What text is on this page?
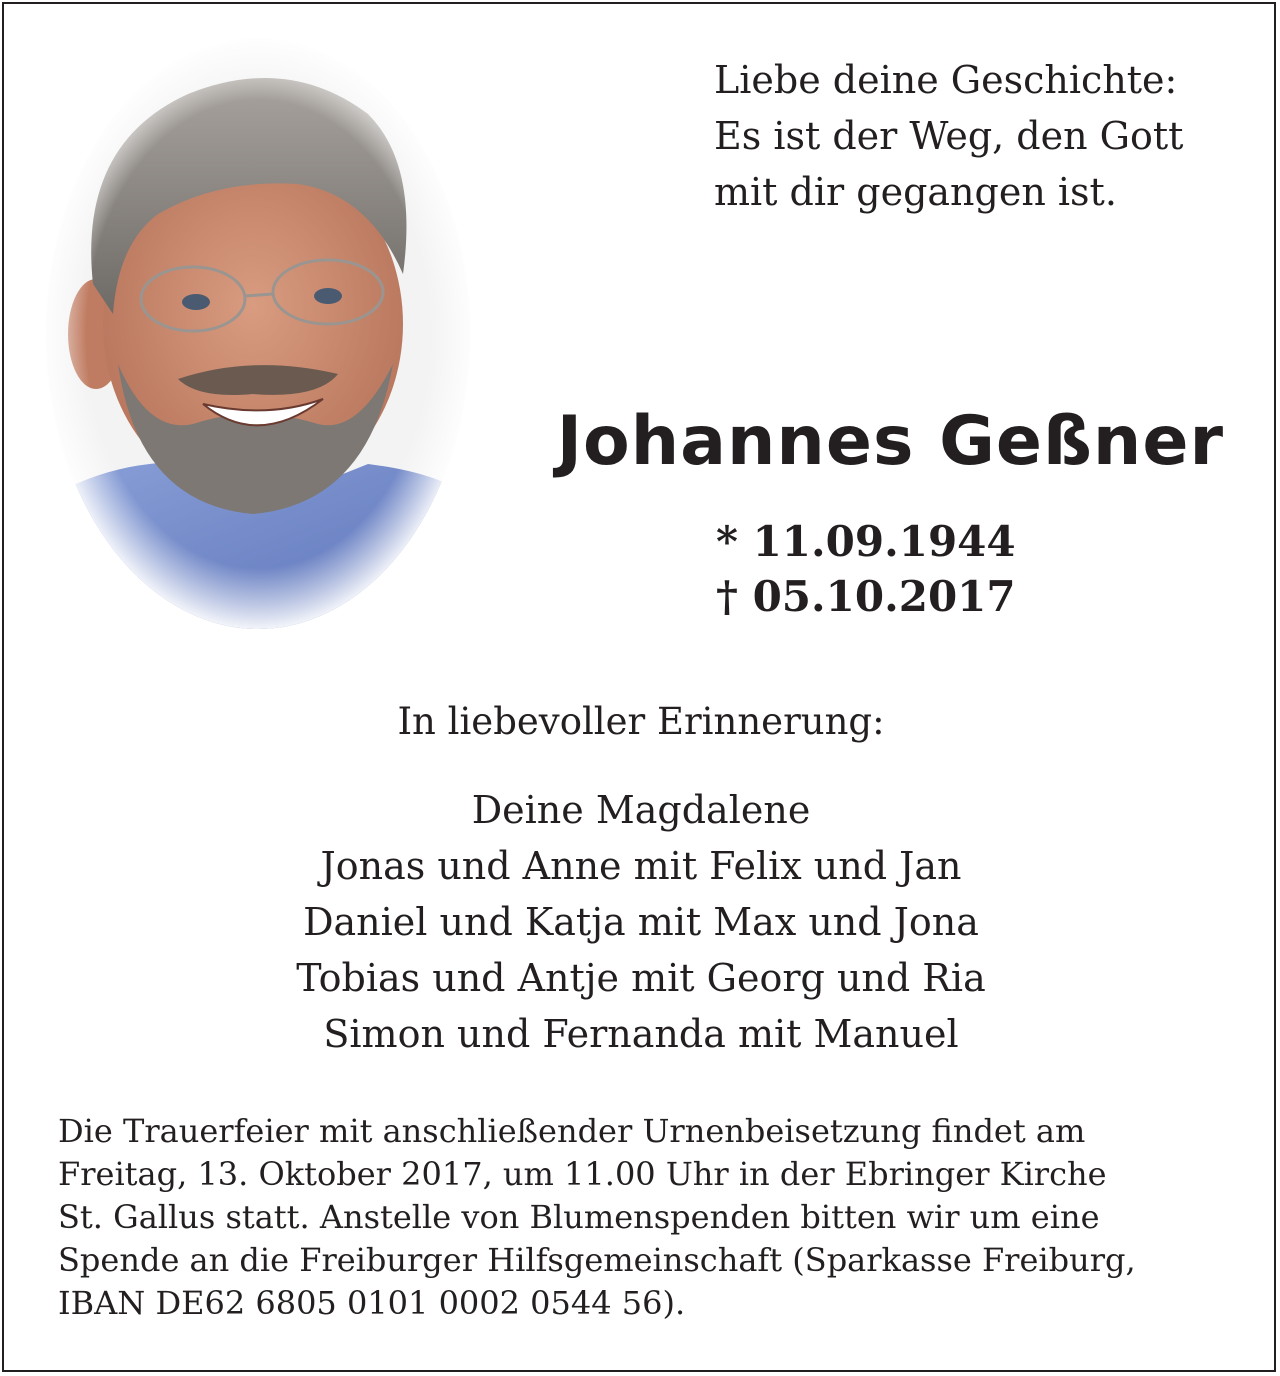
Liebe deine Geschichte:
Es ist der Weg, den Gott
mit dir gegangen ist.
Johannes Geßner
* 11.09.1944
† 05.10.2017
In liebevoller Erinnerung:
Deine Magdalene
Jonas und Anne mit Felix und Jan
Daniel und Katja mit Max und Jona
Tobias und Antje mit Georg und Ria
Simon und Fernanda mit Manuel
Die Trauerfeier mit anschließender Urnenbeisetzung findet am
Freitag, 13. Oktober 2017, um 11.00 Uhr in der Ebringer Kirche
St. Gallus statt. Anstelle von Blumenspenden bitten wir um eine
Spende an die Freiburger Hilfsgemeinschaft (Sparkasse Freiburg,
IBAN DE62 6805 0101 0002 0544 56).
